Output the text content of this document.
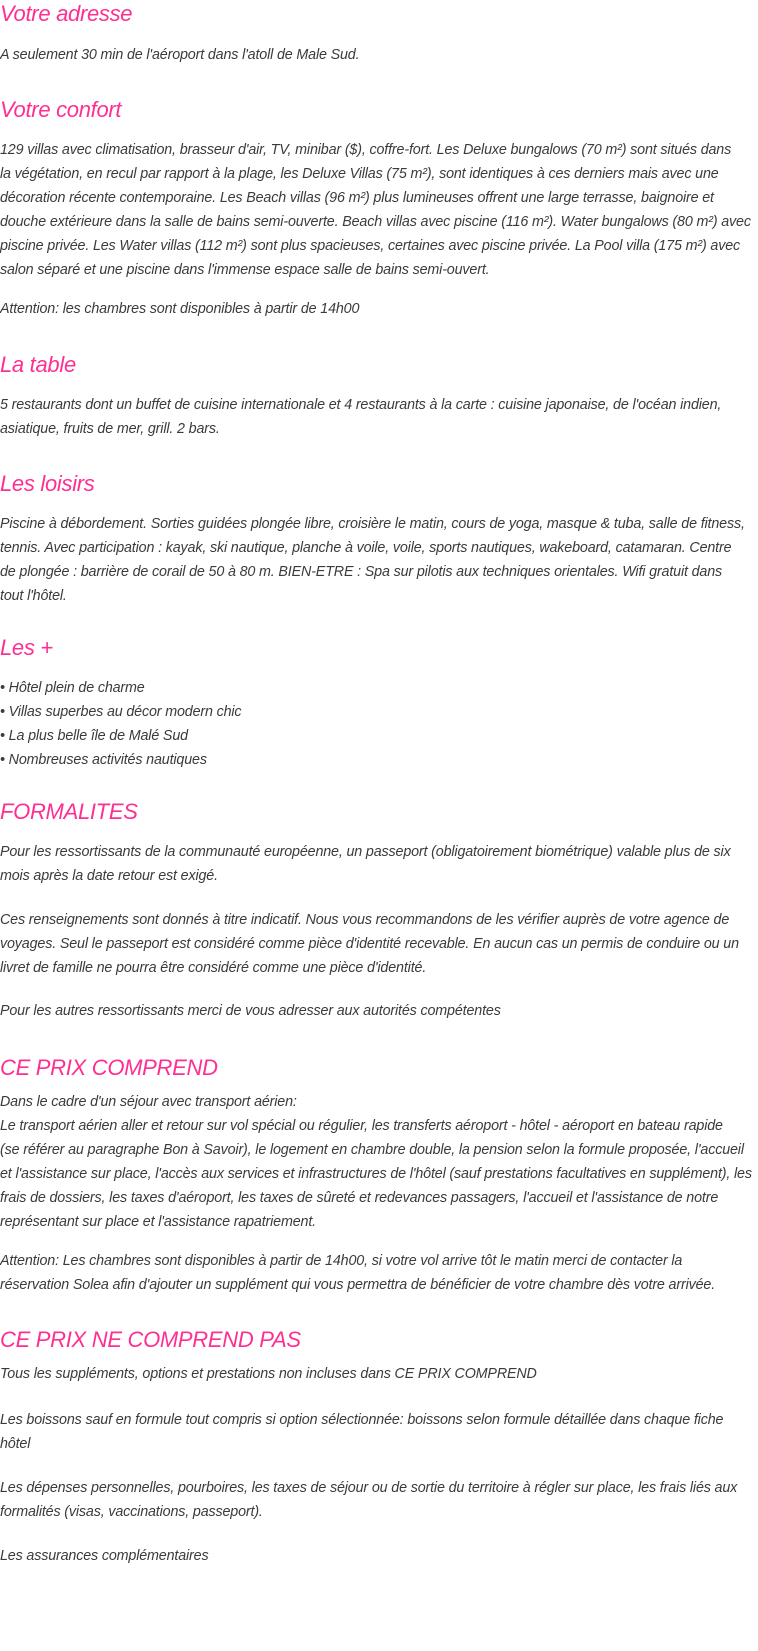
Votre adresse
A seulement 30 min de l'aéroport dans l'atoll de Male Sud.
Votre confort
129 villas avec climatisation, brasseur d'air, TV, minibar ($), coffre-fort. Les Deluxe bungalows (70 m²) sont situés dans
la végétation, en recul par rapport à la plage, les Deluxe Villas (75 m²), sont identiques à ces derniers mais avec une
décoration récente contemporaine. Les Beach villas (96 m²) plus lumineuses offrent une large terrasse, baignoire et
douche extérieure dans la salle de bains semi-ouverte. Beach villas avec piscine (116 m²). Water bungalows (80 m²) avec
piscine privée. Les Water villas (112 m²) sont plus spacieuses, certaines avec piscine privée. La Pool villa (175 m²) avec
salon séparé et une piscine dans l'immense espace salle de bains semi-ouvert.
Attention: les chambres sont disponibles à partir de 14h00
La table
5 restaurants dont un buffet de cuisine internationale et 4 restaurants à la carte : cuisine japonaise, de l'océan indien,
asiatique, fruits de mer, grill. 2 bars.
Les loisirs
Piscine à débordement. Sorties guidées plongée libre, croisière le matin, cours de yoga, masque & tuba, salle de fitness,
tennis. Avec participation : kayak, ski nautique, planche à voile, voile, sports nautiques, wakeboard, catamaran. Centre
de plongée : barrière de corail de 50 à 80 m. BIEN-ETRE : Spa sur pilotis aux techniques orientales. Wifi gratuit dans
tout l'hôtel.
Les +
• Hôtel plein de charme
• Villas superbes au décor modern chic
• La plus belle île de Malé Sud
• Nombreuses activités nautiques
FORMALITES
Pour les ressortissants de la communauté européenne, un passeport (obligatoirement biométrique) valable plus de six
mois après la date retour est exigé.
Ces renseignements sont donnés à titre indicatif. Nous vous recommandons de les vérifier auprès de votre agence de
voyages. Seul le passeport est considéré comme pièce d'identité recevable. En aucun cas un permis de conduire ou un
livret de famille ne pourra être considéré comme une pièce d'identité.
Pour les autres ressortissants merci de vous adresser aux autorités compétentes
CE PRIX COMPREND
Dans le cadre d'un séjour avec transport aérien:
Le transport aérien aller et retour sur vol spécial ou régulier, les transferts aéroport - hôtel - aéroport en bateau rapide
(se référer au paragraphe Bon à Savoir), le logement en chambre double, la pension selon la formule proposée, l'accueil
et l'assistance sur place, l'accès aux services et infrastructures de l'hôtel (sauf prestations facultatives en supplément), les
frais de dossiers, les taxes d'aéroport, les taxes de sûreté et redevances passagers, l'accueil et l'assistance de notre
représentant sur place et l'assistance rapatriement.
Attention: Les chambres sont disponibles à partir de 14h00, si votre vol arrive tôt le matin merci de contacter la
réservation Solea afin d'ajouter un supplément qui vous permettra de bénéficier de votre chambre dès votre arrivée.
CE PRIX NE COMPREND PAS
Tous les suppléments, options et prestations non incluses dans CE PRIX COMPREND
Les boissons sauf en formule tout compris si option sélectionnée: boissons selon formule détaillée dans chaque fiche
hôtel
Les dépenses personnelles, pourboires, les taxes de séjour ou de sortie du territoire à régler sur place, les frais liés aux
formalités (visas, vaccinations, passeport).
Les assurances complémentaires
